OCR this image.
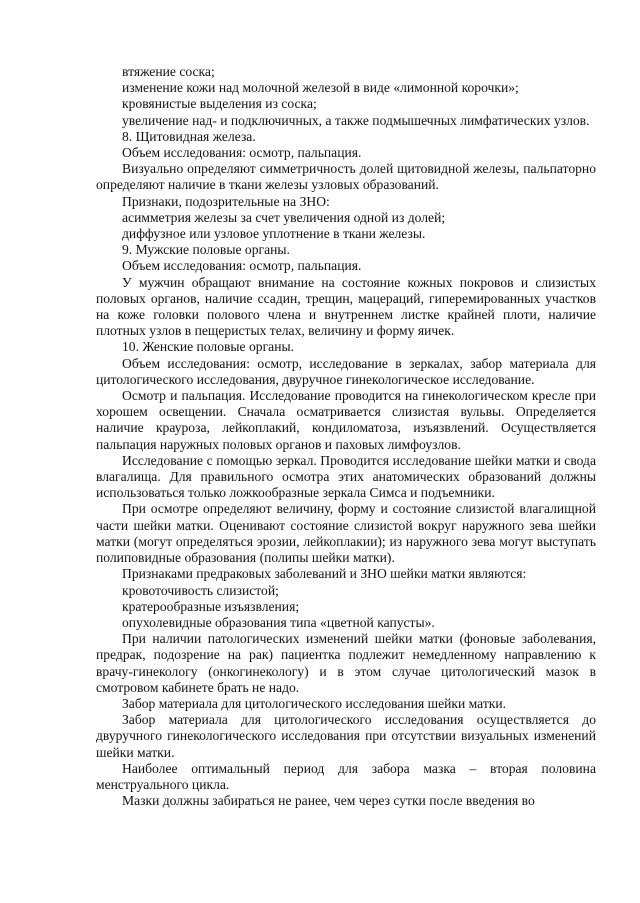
втяжение соска;

изменение кожи над молочной железой в виде «лимонной корочки»;

кровянистые выделения из соска;

увеличение над- и подключичных, а также подмышечных лимфатических узлов.

8. Щитовидная железа.

Объем исследования: осмотр, пальпация.

Визуально определяют симметричность долей щитовидной железы, пальпаторно определяют наличие в ткани железы узловых образований.

Признаки, подозрительные на ЗНО:

асимметрия железы за счет увеличения одной из долей;

диффузное или узловое уплотнение в ткани железы.

9. Мужские половые органы.

Объем исследования: осмотр, пальпация.

У мужчин обращают внимание на состояние кожных покровов и слизистых половых органов, наличие ссадин, трещин, мацераций, гиперемированных участков на коже головки полового члена и внутреннем листке крайней плоти, наличие плотных узлов в пещеристых телах, величину и форму яичек.

10. Женские половые органы.

Объем исследования: осмотр, исследование в зеркалах, забор материала для цитологического исследования, двуручное гинекологическое исследование.

Осмотр и пальпация. Исследование проводится на гинекологическом кресле при хорошем освещении. Сначала осматривается слизистая вульвы. Определяется наличие крауроза, лейкоплакий, кондиломатоза, изъязвлений. Осуществляется пальпация наружных половых органов и паховых лимфоузлов.

Исследование с помощью зеркал. Проводится исследование шейки матки и свода влагалища. Для правильного осмотра этих анатомических образований должны использоваться только ложкообразные зеркала Симса и подъемники.

При осмотре определяют величину, форму и состояние слизистой влагалищной части шейки матки. Оценивают состояние слизистой вокруг наружного зева шейки матки (могут определяться эрозии, лейкоплакии); из наружного зева могут выступать полиповидные образования (полипы шейки матки).

Признаками предраковых заболеваний и ЗНО шейки матки являются:

кровоточивость слизистой;

кратерообразные изъязвления;

опухолевидные образования типа «цветной капусты».

При наличии патологических изменений шейки матки (фоновые заболевания, предрак, подозрение на рак) пациентка подлежит немедленному направлению к врачу-гинекологу (онкогинекологу) и в этом случае цитологический мазок в смотровом кабинете брать не надо.

Забор материала для цитологического исследования шейки матки.

Забор материала для цитологического исследования осуществляется до двуручного гинекологического исследования при отсутствии визуальных изменений шейки матки.

Наиболее оптимальный период для забора мазка – вторая половина менструального цикла.

Мазки должны забираться не ранее, чем через сутки после введения во
